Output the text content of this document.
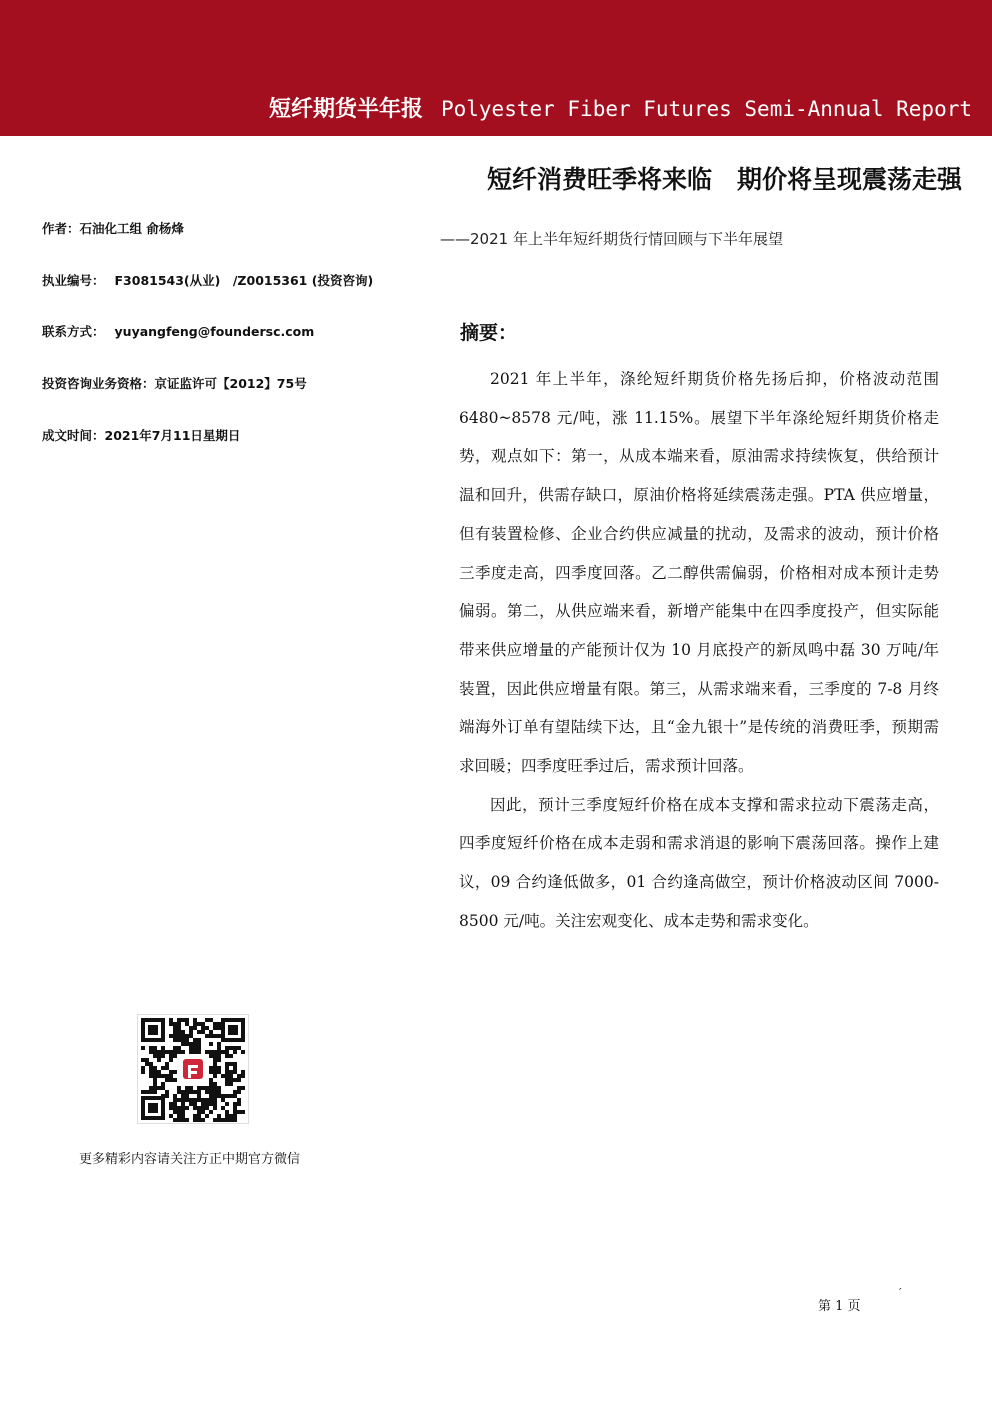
短纤期货半年报 Polyester Fiber Futures Semi-Annual Report
短纤消费旺季将来临　期价将呈现震荡走强
——2021 年上半年短纤期货行情回顾与下半年展望
作者：石油化工组 俞杨烽
执业编号： F3081543(从业)　/Z0015361 (投资咨询)
联系方式： yuyangfeng@foundersc.com
投资咨询业务资格：京证监许可【2012】75号
成文时间：2021年7月11日星期日
摘要：

2021 年上半年，涤纶短纤期货价格先扬后抑，价格波动范围 6480~8578 元/吨，涨 11.15%。展望下半年涤纶短纤期货价格走势，观点如下：第一，从成本端来看，原油需求持续恢复，供给预计温和回升，供需存缺口，原油价格将延续震荡走强。PTA 供应增量，但有装置检修、企业合约供应减量的扰动，及需求的波动，预计价格三季度走高，四季度回落。乙二醇供需偏弱，价格相对成本预计走势偏弱。第二，从供应端来看，新增产能集中在四季度投产，但实际能带来供应增量的产能预计仅为 10 月底投产的新凤鸣中磊 30 万吨/年装置，因此供应增量有限。第三，从需求端来看，三季度的 7-8 月终端海外订单有望陆续下达，且“金九银十”是传统的消费旺季，预期需求回暖；四季度旺季过后，需求预计回落。

因此，预计三季度短纤价格在成本支撑和需求拉动下震荡走高，四季度短纤价格在成本走弱和需求消退的影响下震荡回落。操作上建议，09 合约逢低做多，01 合约逢高做空，预计价格波动区间 7000-8500 元/吨。关注宏观变化、成本走势和需求变化。

更多精彩内容请关注方正中期官方微信
第 1 页
′
